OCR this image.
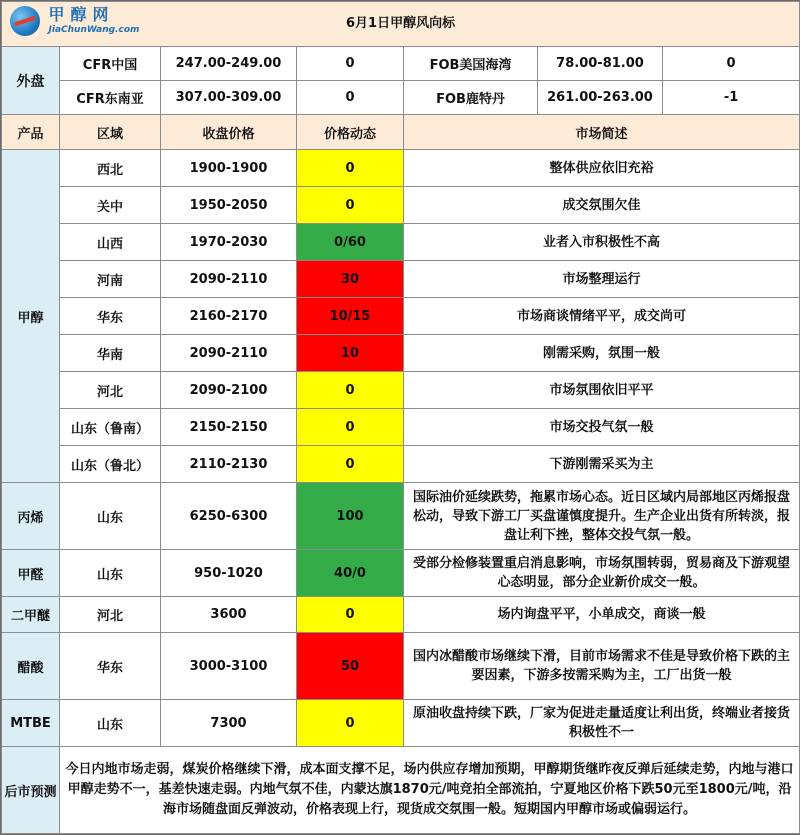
甲醇网
JiaChunWang.com 6月1日甲醇风向标						

外盘	CFR中国	247.00-249.00	0	FOB美国海湾	78.00-81.00	0
	CFR东南亚	307.00-309.00	0	FOB鹿特丹	261.00-263.00	-1
产品	区域	收盘价格	价格动态	市场简述		
甲醇	西北	1900-1900	0	整体供应依旧充裕		
	关中	1950-2050	0	成交氛围欠佳		
	山西	1970-2030	0/60	业者入市积极性不高		
	河南	2090-2110	30	市场整理运行		
	华东	2160-2170	10/15	市场商谈情绪平平，成交尚可		
	华南	2090-2110	10	刚需采购，氛围一般		
	河北	2090-2100	0	市场氛围依旧平平		
	山东（鲁南）	2150-2150	0	市场交投气氛一般		
	山东（鲁北）	2110-2130	0	下游刚需采买为主		
丙烯	山东	6250-6300	100	国际油价延续跌势，拖累市场心态。近日区域内局部地区丙烯报盘松动，导致下游工厂买盘谨慎度提升。生产企业出货有所转淡，报盘让利下挫，整体交投气氛一般。		
甲醛	山东	950-1020	40/0	受部分检修装置重启消息影响，市场氛围转弱，贸易商及下游观望心态明显，部分企业新价成交一般。		
二甲醚	河北	3600	0	场内询盘平平，小单成交，商谈一般		
醋酸	华东	3000-3100	50	国内冰醋酸市场继续下滑，目前市场需求不佳是导致价格下跌的主要因素，下游多按需采购为主，工厂出货一般		
MTBE	山东	7300	0	原油收盘持续下跌，厂家为促进走量适度让利出货，终端业者接货积极性不一		
后市预测	今日内地市场走弱，煤炭价格继续下滑，成本面支撑不足，场内供应存增加预期，甲醇期货继昨夜反弹后延续走势，内地与港口甲醇走势不一，基差快速走弱。内地气氛不佳，内蒙达旗1870元/吨竞拍全部流拍，宁夏地区价格下跌50元至1800元/吨，沿海市场随盘面反弹波动，价格表现上行，现货成交氛围一般。短期国内甲醇市场或偏弱运行。					
